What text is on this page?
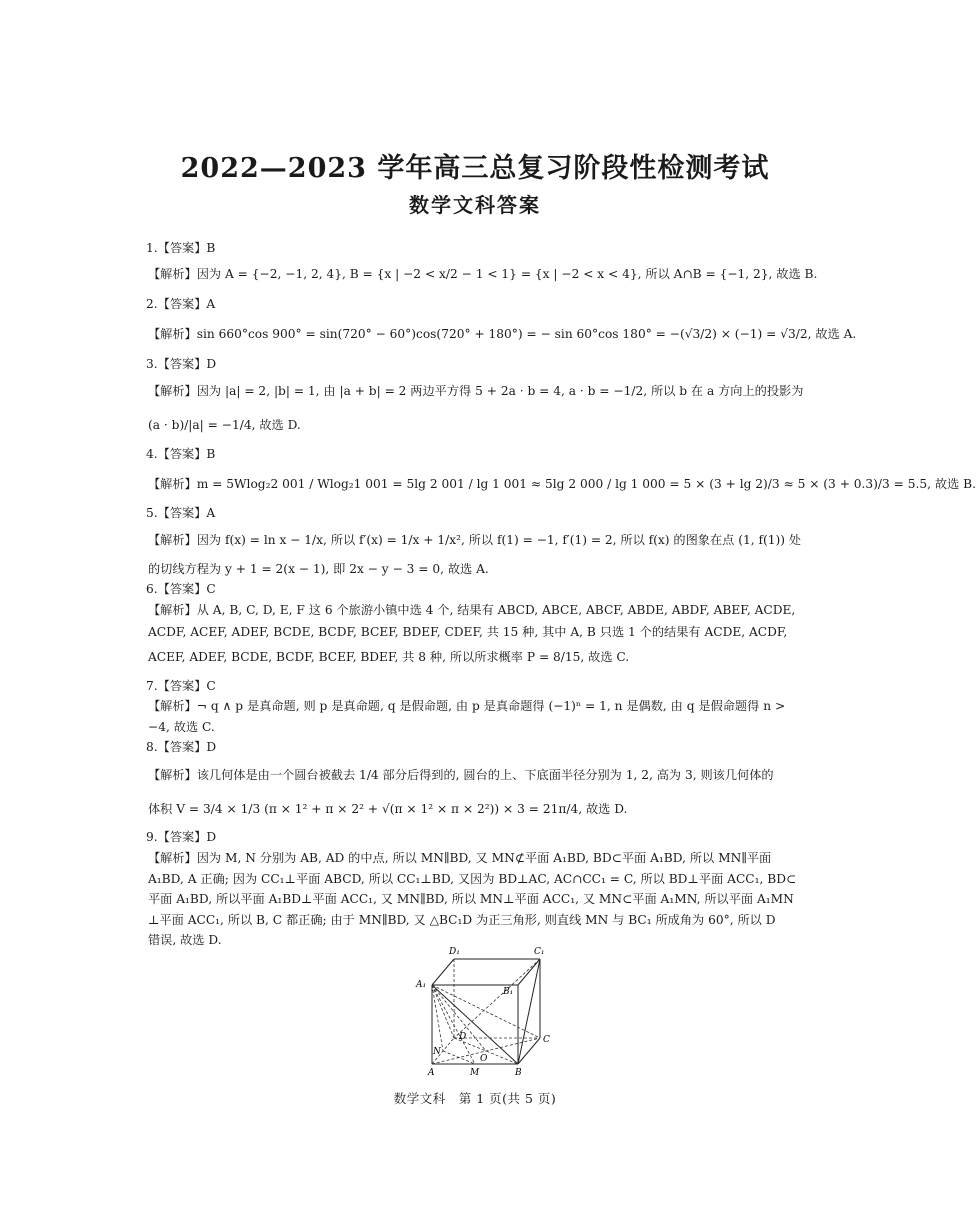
2022—2023 学年高三总复习阶段性检测考试
数学文科答案
1.【答案】B
【解析】因为 A = {−2, −1, 2, 4}, B = {x | −2 < x/2 − 1 < 1} = {x | −2 < x < 4}, 所以 A∩B = {−1, 2}, 故选 B.
2.【答案】A
【解析】sin 660°cos 900° = sin(720° − 60°)cos(720° + 180°) = − sin 60°cos 180° = −(√3/2) × (−1) = √3/2, 故选 A.
3.【答案】D
【解析】因为 |a| = 2, |b| = 1, 由 |a + b| = 2 两边平方得 5 + 2a · b = 4, a · b = −1/2, 所以 b 在 a 方向上的投影为
(a · b)/|a| = −1/4, 故选 D.
4.【答案】B
【解析】m = 5Wlog₂2 001 / Wlog₂1 001 = 5lg 2 001 / lg 1 001 ≈ 5lg 2 000 / lg 1 000 = 5 × (3 + lg 2)/3 ≈ 5 × (3 + 0.3)/3 = 5.5, 故选 B.
5.【答案】A
【解析】因为 f(x) = ln x − 1/x, 所以 f′(x) = 1/x + 1/x², 所以 f(1) = −1, f′(1) = 2, 所以 f(x) 的图象在点 (1, f(1)) 处
的切线方程为 y + 1 = 2(x − 1), 即 2x − y − 3 = 0, 故选 A.
6.【答案】C
【解析】从 A, B, C, D, E, F 这 6 个旅游小镇中选 4 个, 结果有 ABCD, ABCE, ABCF, ABDE, ABDF, ABEF, ACDE,
ACDF, ACEF, ADEF, BCDE, BCDF, BCEF, BDEF, CDEF, 共 15 种, 其中 A, B 只选 1 个的结果有 ACDE, ACDF,
ACEF, ADEF, BCDE, BCDF, BCEF, BDEF, 共 8 种, 所以所求概率 P = 8/15, 故选 C.
7.【答案】C
【解析】¬ q ∧ p 是真命题, 则 p 是真命题, q 是假命题, 由 p 是真命题得 (−1)ⁿ = 1, n 是偶数, 由 q 是假命题得 n >
−4, 故选 C.
8.【答案】D
【解析】该几何体是由一个圆台被截去 1/4 部分后得到的, 圆台的上、下底面半径分别为 1, 2, 高为 3, 则该几何体的
体积 V = 3/4 × 1/3 (π × 1² + π × 2² + √(π × 1² × π × 2²)) × 3 = 21π/4, 故选 D.
9.【答案】D
【解析】因为 M, N 分别为 AB, AD 的中点, 所以 MN∥BD, 又 MN⊄平面 A₁BD, BD⊂平面 A₁BD, 所以 MN∥平面
A₁BD, A 正确; 因为 CC₁⊥平面 ABCD, 所以 CC₁⊥BD, 又因为 BD⊥AC, AC∩CC₁ = C, 所以 BD⊥平面 ACC₁, BD⊂
平面 A₁BD, 所以平面 A₁BD⊥平面 ACC₁, 又 MN∥BD, 所以 MN⊥平面 ACC₁, 又 MN⊂平面 A₁MN, 所以平面 A₁MN
⊥平面 ACC₁, 所以 B, C 都正确; 由于 MN∥BD, 又 △BC₁D 为正三角形, 则直线 MN 与 BC₁ 所成角为 60°, 所以 D
错误, 故选 D.
D₁	C₁
A₁
B₁
D	C
N
O
A	M	B
数学文科　第 1 页(共 5 页)
